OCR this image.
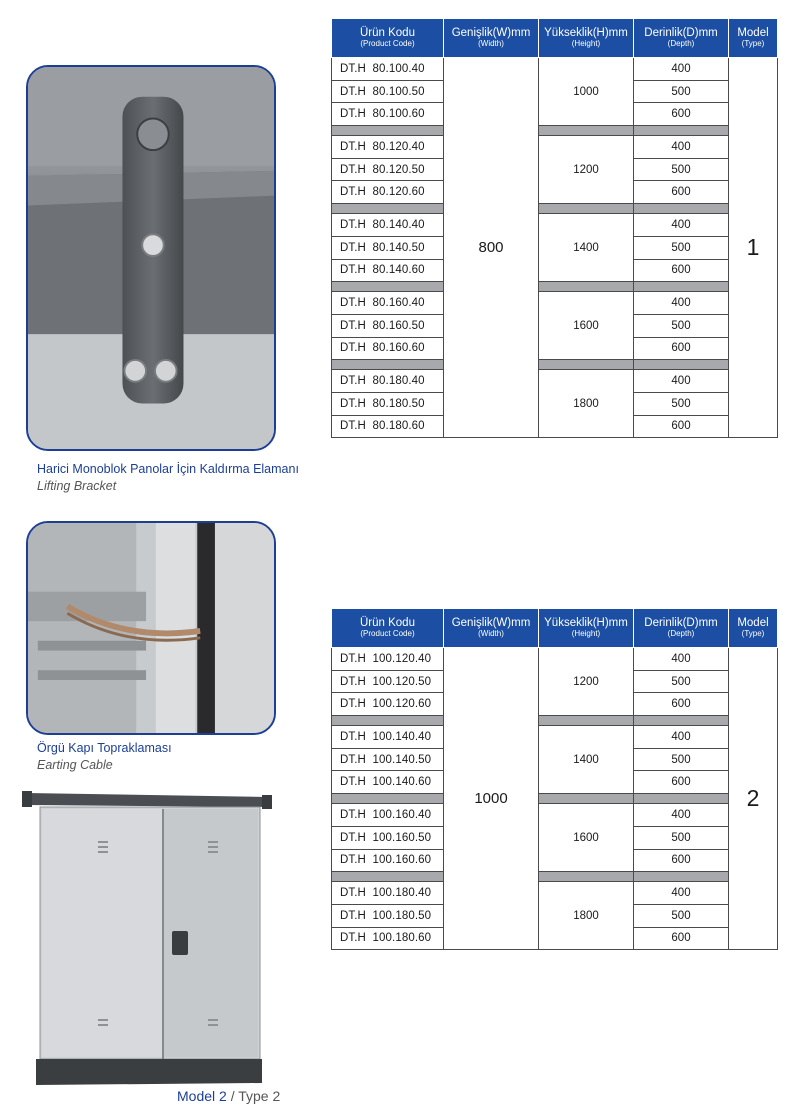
Harici Monoblok Panolar İçin Kaldırma Elamanı
Lifting Bracket
Örgü Kapı Topraklaması
Earting Cable
Model 2 / Type 2
Ürün Kodu
(Product Code)	Genişlik(W)mm
(Width)	Yükseklik(H)mm
(Height)	Derinlik(D)mm
(Depth)	Model
(Type)

DT.H  80.100.40	800	1000	400	1
DT.H  80.100.50			500	
DT.H  80.100.60			600	

DT.H  80.120.40		1200	400	
DT.H  80.120.50			500	
DT.H  80.120.60			600	

DT.H  80.140.40		1400	400	
DT.H  80.140.50			500	
DT.H  80.140.60			600	

DT.H  80.160.40		1600	400	
DT.H  80.160.50			500	
DT.H  80.160.60			600	

DT.H  80.180.40		1800	400	
DT.H  80.180.50			500	
DT.H  80.180.60			600	
Ürün Kodu
(Product Code)	Genişlik(W)mm
(Width)	Yükseklik(H)mm
(Height)	Derinlik(D)mm
(Depth)	Model
(Type)

DT.H  100.120.40	1000	1200	400	2
DT.H  100.120.50			500	
DT.H  100.120.60			600	

DT.H  100.140.40		1400	400	
DT.H  100.140.50			500	
DT.H  100.140.60			600	

DT.H  100.160.40		1600	400	
DT.H  100.160.50			500	
DT.H  100.160.60			600	

DT.H  100.180.40		1800	400	
DT.H  100.180.50			500	
DT.H  100.180.60			600	
